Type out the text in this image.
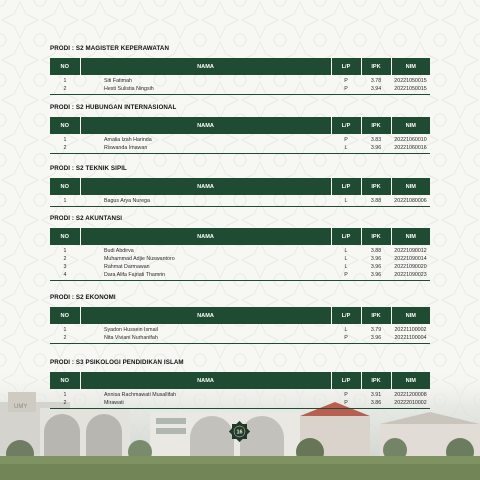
UMY
PRODI : S2 MAGISTER KEPERAWATAN
NO	NAMA	L/P	IPK	NIM
1	Siti Fatimah	P	3.78	20221050015
2	Hesti Sulistia Ningsih	P	3.94	20221050015
PRODI : S2 HUBUNGAN INTERNASIONAL
NO	NAMA	L/P	IPK	NIM
1	Amalia Izah Harinda	P	3.83	20221060010
2	Riswanda Imawan	L	3.96	20221060016
PRODI : S2 TEKNIK SIPIL
NO	NAMA	L/P	IPK	NIM
1	Bagus Arya Nurega	L	3.88	20221080006
PRODI : S2 AKUNTANSI
NO	NAMA	L/P	IPK	NIM
1	Budi Abdirva	L	3.88	20221090012
2	Muhammad Adjie Nuswantoro	L	3.96	20221090014
3	Rahmat Darmawan	L	3.96	20221090020
4	Dara Alifa Fajriati Thamrin	P	3.96	20221090023
PRODI : S2 EKONOMI
NO	NAMA	L/P	IPK	NIM
1	Syadon Hussein Ismail	L	3.79	20221100002
2	Nita Viviani Nurhanifah	P	3.96	20221100004
PRODI : S3 PSIKOLOGI PENDIDIKAN ISLAM
NO	NAMA	L/P	IPK	NIM
1	Annisa Rachmawati Musallifah	P	3.91	20221200008
2	Mirawati	P	3.86	20222010002
16
